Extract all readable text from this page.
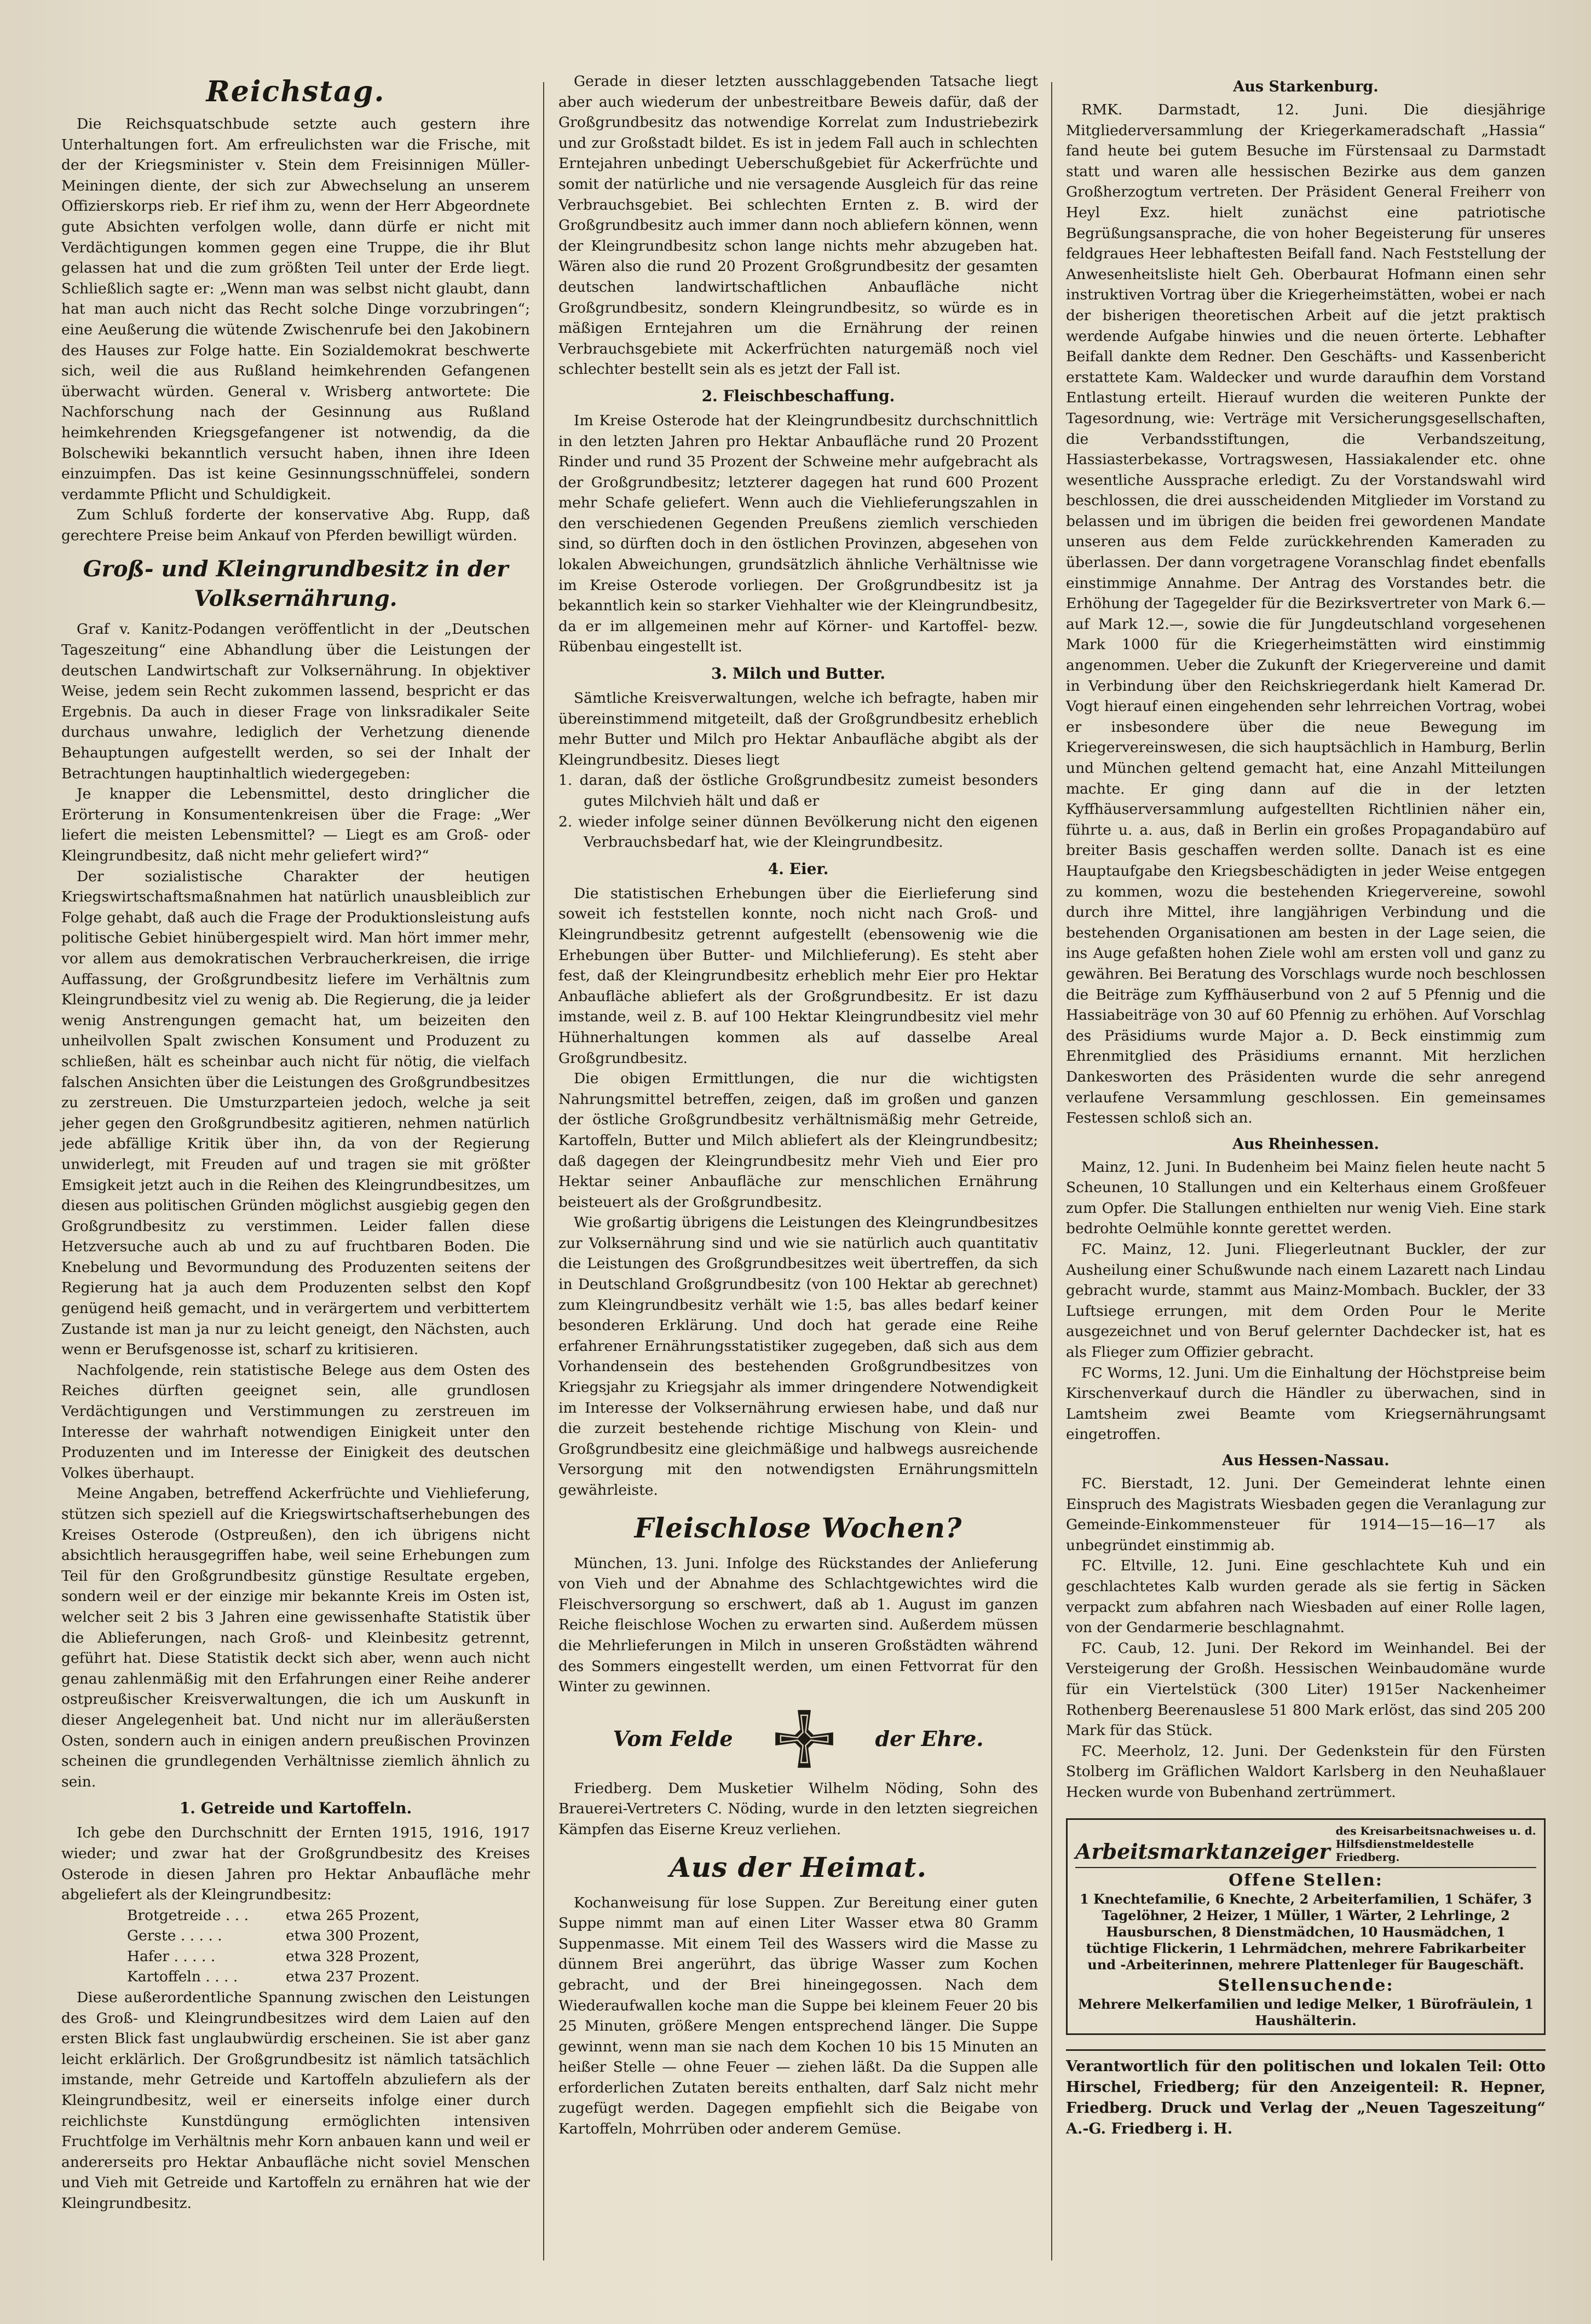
Reichstag.

Die Reichsquatschbude setzte auch gestern ihre Unterhaltungen fort. Am erfreulichsten war die Frische, mit der der Kriegsminister v. Stein dem Freisinnigen Müller-Meiningen diente, der sich zur Abwechselung an unserem Offizierskorps rieb. Er rief ihm zu, wenn der Herr Abgeordnete gute Absichten verfolgen wolle, dann dürfe er nicht mit Verdächtigungen kommen gegen eine Truppe, die ihr Blut gelassen hat und die zum größten Teil unter der Erde liegt. Schließlich sagte er: „Wenn man was selbst nicht glaubt, dann hat man auch nicht das Recht solche Dinge vorzubringen“; eine Aeußerung die wütende Zwischenrufe bei den Jakobinern des Hauses zur Folge hatte. Ein Sozialdemokrat beschwerte sich, weil die aus Rußland heimkehrenden Gefangenen überwacht würden. General v. Wrisberg antwortete: Die Nachforschung nach der Gesinnung aus Rußland heimkehrenden Kriegsgefangener ist notwendig, da die Bolschewiki bekanntlich versucht haben, ihnen ihre Ideen einzuimpfen. Das ist keine Gesinnungsschnüffelei, sondern verdammte Pflicht und Schuldigkeit.

Zum Schluß forderte der konservative Abg. Rupp, daß gerechtere Preise beim Ankauf von Pferden bewilligt würden.

Groß- und Kleingrundbesitz in der
Volksernährung.

Graf v. Kanitz-Podangen veröffentlicht in der „Deutschen Tageszeitung“ eine Abhandlung über die Leistungen der deutschen Landwirtschaft zur Volksernährung. In objektiver Weise, jedem sein Recht zukommen lassend, bespricht er das Ergebnis. Da auch in dieser Frage von linksradikaler Seite durchaus unwahre, lediglich der Verhetzung dienende Behauptungen aufgestellt werden, so sei der Inhalt der Betrachtungen hauptinhaltlich wiedergegeben:

Je knapper die Lebensmittel, desto dringlicher die Erörterung in Konsumentenkreisen über die Frage: „Wer liefert die meisten Lebensmittel? — Liegt es am Groß- oder Kleingrundbesitz, daß nicht mehr geliefert wird?“

Der sozialistische Charakter der heutigen Kriegswirtschaftsmaßnahmen hat natürlich unausbleiblich zur Folge gehabt, daß auch die Frage der Produktionsleistung aufs politische Gebiet hinübergespielt wird. Man hört immer mehr, vor allem aus demokratischen Verbraucherkreisen, die irrige Auffassung, der Großgrundbesitz liefere im Verhältnis zum Kleingrundbesitz viel zu wenig ab. Die Regierung, die ja leider wenig Anstrengungen gemacht hat, um beizeiten den unheilvollen Spalt zwischen Konsument und Produzent zu schließen, hält es scheinbar auch nicht für nötig, die vielfach falschen Ansichten über die Leistungen des Großgrundbesitzes zu zerstreuen. Die Umsturzparteien jedoch, welche ja seit jeher gegen den Großgrundbesitz agitieren, nehmen natürlich jede abfällige Kritik über ihn, da von der Regierung unwiderlegt, mit Freuden auf und tragen sie mit größter Emsigkeit jetzt auch in die Reihen des Kleingrundbesitzes, um diesen aus politischen Gründen möglichst ausgiebig gegen den Großgrundbesitz zu verstimmen. Leider fallen diese Hetzversuche auch ab und zu auf fruchtbaren Boden. Die Knebelung und Bevormundung des Produzenten seitens der Regierung hat ja auch dem Produzenten selbst den Kopf genügend heiß gemacht, und in verärgertem und verbittertem Zustande ist man ja nur zu leicht geneigt, den Nächsten, auch wenn er Berufsgenosse ist, scharf zu kritisieren.

Nachfolgende, rein statistische Belege aus dem Osten des Reiches dürften geeignet sein, alle grundlosen Verdächtigungen und Verstimmungen zu zerstreuen im Interesse der wahrhaft notwendigen Einigkeit unter den Produzenten und im Interesse der Einigkeit des deutschen Volkes überhaupt.

Meine Angaben, betreffend Ackerfrüchte und Viehlieferung, stützen sich speziell auf die Kriegswirtschaftserhebungen des Kreises Osterode (Ostpreußen), den ich übrigens nicht absichtlich herausgegriffen habe, weil seine Erhebungen zum Teil für den Großgrundbesitz günstige Resultate ergeben, sondern weil er der einzige mir bekannte Kreis im Osten ist, welcher seit 2 bis 3 Jahren eine gewissenhafte Statistik über die Ablieferungen, nach Groß- und Kleinbesitz getrennt, geführt hat. Diese Statistik deckt sich aber, wenn auch nicht genau zahlenmäßig mit den Erfahrungen einer Reihe anderer ostpreußischer Kreisverwaltungen, die ich um Auskunft in dieser Angelegenheit bat. Und nicht nur im alleräußersten Osten, sondern auch in einigen andern preußischen Provinzen scheinen die grundlegenden Verhältnisse ziemlich ähnlich zu sein.

1. Getreide und Kartoffeln.

Ich gebe den Durchschnitt der Ernten 1915, 1916, 1917 wieder; und zwar hat der Großgrundbesitz des Kreises Osterode in diesen Jahren pro Hektar Anbaufläche mehr abgeliefert als der Kleingrundbesitz:

Brotgetreide . . .	etwa 265 Prozent,
Gerste . . . . .	etwa 300 Prozent,
Hafer . . . . .	etwa 328 Prozent,
Kartoffeln . . . .	etwa 237 Prozent.

Diese außerordentliche Spannung zwischen den Leistungen des Groß- und Kleingrundbesitzes wird dem Laien auf den ersten Blick fast unglaubwürdig erscheinen. Sie ist aber ganz leicht erklärlich. Der Großgrundbesitz ist nämlich tatsächlich imstande, mehr Getreide und Kartoffeln abzuliefern als der Kleingrundbesitz, weil er einerseits infolge einer durch reichlichste Kunstdüngung ermöglichten intensiven Fruchtfolge im Verhältnis mehr Korn anbauen kann und weil er andererseits pro Hektar Anbaufläche nicht soviel Menschen und Vieh mit Getreide und Kartoffeln zu ernähren hat wie der Kleingrundbesitz.

Gerade in dieser letzten ausschlaggebenden Tatsache liegt aber auch wiederum der unbestreitbare Beweis dafür, daß der Großgrundbesitz das notwendige Korrelat zum Industriebezirk und zur Großstadt bildet. Es ist in jedem Fall auch in schlechten Erntejahren unbedingt Ueberschußgebiet für Ackerfrüchte und somit der natürliche und nie versagende Ausgleich für das reine Verbrauchsgebiet. Bei schlechten Ernten z. B. wird der Großgrundbesitz auch immer dann noch abliefern können, wenn der Kleingrundbesitz schon lange nichts mehr abzugeben hat. Wären also die rund 20 Prozent Großgrundbesitz der gesamten deutschen landwirtschaftlichen Anbaufläche nicht Großgrundbesitz, sondern Kleingrundbesitz, so würde es in mäßigen Erntejahren um die Ernährung der reinen Verbrauchsgebiete mit Ackerfrüchten naturgemäß noch viel schlechter bestellt sein als es jetzt der Fall ist.

2. Fleischbeschaffung.

Im Kreise Osterode hat der Kleingrundbesitz durchschnittlich in den letzten Jahren pro Hektar Anbaufläche rund 20 Prozent Rinder und rund 35 Prozent der Schweine mehr aufgebracht als der Großgrundbesitz; letzterer dagegen hat rund 600 Prozent mehr Schafe geliefert. Wenn auch die Viehlieferungszahlen in den verschiedenen Gegenden Preußens ziemlich verschieden sind, so dürften doch in den östlichen Provinzen, abgesehen von lokalen Abweichungen, grundsätzlich ähnliche Verhältnisse wie im Kreise Osterode vorliegen. Der Großgrundbesitz ist ja bekanntlich kein so starker Viehhalter wie der Kleingrundbesitz, da er im allgemeinen mehr auf Körner- und Kartoffel- bezw. Rübenbau eingestellt ist.

3. Milch und Butter.

Sämtliche Kreisverwaltungen, welche ich befragte, haben mir übereinstimmend mitgeteilt, daß der Großgrundbesitz erheblich mehr Butter und Milch pro Hektar Anbaufläche abgibt als der Kleingrundbesitz. Dieses liegt

1. daran, daß der östliche Großgrundbesitz zumeist besonders gutes Milchvieh hält und daß er
2. wieder infolge seiner dünnen Bevölkerung nicht den eigenen Verbrauchsbedarf hat, wie der Kleingrundbesitz.
4. Eier.

Die statistischen Erhebungen über die Eierlieferung sind soweit ich feststellen konnte, noch nicht nach Groß- und Kleingrundbesitz getrennt aufgestellt (ebensowenig wie die Erhebungen über Butter- und Milchlieferung). Es steht aber fest, daß der Kleingrundbesitz erheblich mehr Eier pro Hektar Anbaufläche abliefert als der Großgrundbesitz. Er ist dazu imstande, weil z. B. auf 100 Hektar Kleingrundbesitz viel mehr Hühnerhaltungen kommen als auf dasselbe Areal Großgrundbesitz.

Die obigen Ermittlungen, die nur die wichtigsten Nahrungsmittel betreffen, zeigen, daß im großen und ganzen der östliche Großgrundbesitz verhältnismäßig mehr Getreide, Kartoffeln, Butter und Milch abliefert als der Kleingrundbesitz; daß dagegen der Kleingrundbesitz mehr Vieh und Eier pro Hektar seiner Anbaufläche zur menschlichen Ernährung beisteuert als der Großgrundbesitz.

Wie großartig übrigens die Leistungen des Kleingrundbesitzes zur Volksernährung sind und wie sie natürlich auch quantitativ die Leistungen des Großgrundbesitzes weit übertreffen, da sich in Deutschland Großgrundbesitz (von 100 Hektar ab gerechnet) zum Kleingrundbesitz verhält wie 1:5, bas alles bedarf keiner besonderen Erklärung. Und doch hat gerade eine Reihe erfahrener Ernährungsstatistiker zugegeben, daß sich aus dem Vorhandensein des bestehenden Großgrundbesitzes von Kriegsjahr zu Kriegsjahr als immer dringendere Notwendigkeit im Interesse der Volksernährung erwiesen habe, und daß nur die zurzeit bestehende richtige Mischung von Klein- und Großgrundbesitz eine gleichmäßige und halbwegs ausreichende Versorgung mit den notwendigsten Ernährungsmitteln gewährleiste.

Fleischlose Wochen?

München, 13. Juni. Infolge des Rückstandes der Anlieferung von Vieh und der Abnahme des Schlachtgewichtes wird die Fleischversorgung so erschwert, daß ab 1. August im ganzen Reiche fleischlose Wochen zu erwarten sind. Außerdem müssen die Mehrlieferungen in Milch in unseren Großstädten während des Sommers eingestellt werden, um einen Fettvorrat für den Winter zu gewinnen.

Vom Felde	der Ehre.

Friedberg. Dem Musketier Wilhelm Nöding, Sohn des Brauerei-Vertreters C. Nöding, wurde in den letzten siegreichen Kämpfen das Eiserne Kreuz verliehen.

Aus der Heimat.

Kochanweisung für lose Suppen. Zur Bereitung einer guten Suppe nimmt man auf einen Liter Wasser etwa 80 Gramm Suppenmasse. Mit einem Teil des Wassers wird die Masse zu dünnem Brei angerührt, das übrige Wasser zum Kochen gebracht, und der Brei hineingegossen. Nach dem Wiederaufwallen koche man die Suppe bei kleinem Feuer 20 bis 25 Minuten, größere Mengen entsprechend länger. Die Suppe gewinnt, wenn man sie nach dem Kochen 10 bis 15 Minuten an heißer Stelle — ohne Feuer — ziehen läßt. Da die Suppen alle erforderlichen Zutaten bereits enthalten, darf Salz nicht mehr zugefügt werden. Dagegen empfiehlt sich die Beigabe von Kartoffeln, Mohrrüben oder anderem Gemüse.

Aus Starkenburg.

RMK. Darmstadt, 12. Juni. Die diesjährige Mitgliederversammlung der Kriegerkameradschaft „Hassia“ fand heute bei gutem Besuche im Fürstensaal zu Darmstadt statt und waren alle hessischen Bezirke aus dem ganzen Großherzogtum vertreten. Der Präsident General Freiherr von Heyl Exz. hielt zunächst eine patriotische Begrüßungsansprache, die von hoher Begeisterung für unseres feldgraues Heer lebhaftesten Beifall fand. Nach Feststellung der Anwesenheitsliste hielt Geh. Oberbaurat Hofmann einen sehr instruktiven Vortrag über die Kriegerheimstätten, wobei er nach der bisherigen theoretischen Arbeit auf die jetzt praktisch werdende Aufgabe hinwies und die neuen örterte. Lebhafter Beifall dankte dem Redner. Den Geschäfts- und Kassenbericht erstattete Kam. Waldecker und wurde daraufhin dem Vorstand Entlastung erteilt. Hierauf wurden die weiteren Punkte der Tagesordnung, wie: Verträge mit Versicherungsgesellschaften, die Verbandsstiftungen, die Verbandszeitung, Hassiasterbekasse, Vortragswesen, Hassiakalender etc. ohne wesentliche Aussprache erledigt. Zu der Vorstandswahl wird beschlossen, die drei ausscheidenden Mitglieder im Vorstand zu belassen und im übrigen die beiden frei gewordenen Mandate unseren aus dem Felde zurückkehrenden Kameraden zu überlassen. Der dann vorgetragene Voranschlag findet ebenfalls einstimmige Annahme. Der Antrag des Vorstandes betr. die Erhöhung der Tagegelder für die Bezirksvertreter von Mark 6.— auf Mark 12.—, sowie die für Jungdeutschland vorgesehenen Mark 1000 für die Kriegerheimstätten wird einstimmig angenommen. Ueber die Zukunft der Kriegervereine und damit in Verbindung über den Reichskriegerdank hielt Kamerad Dr. Vogt hierauf einen eingehenden sehr lehrreichen Vortrag, wobei er insbesondere über die neue Bewegung im Kriegervereinswesen, die sich hauptsächlich in Hamburg, Berlin und München geltend gemacht hat, eine Anzahl Mitteilungen machte. Er ging dann auf die in der letzten Kyffhäuserversammlung aufgestellten Richtlinien näher ein, führte u. a. aus, daß in Berlin ein großes Propagandabüro auf breiter Basis geschaffen werden sollte. Danach ist es eine Hauptaufgabe den Kriegsbeschädigten in jeder Weise entgegen zu kommen, wozu die bestehenden Kriegervereine, sowohl durch ihre Mittel, ihre langjährigen Verbindung und die bestehenden Organisationen am besten in der Lage seien, die ins Auge gefaßten hohen Ziele wohl am ersten voll und ganz zu gewähren. Bei Beratung des Vorschlags wurde noch beschlossen die Beiträge zum Kyffhäuserbund von 2 auf 5 Pfennig und die Hassiabeiträge von 30 auf 60 Pfennig zu erhöhen. Auf Vorschlag des Präsidiums wurde Major a. D. Beck einstimmig zum Ehrenmitglied des Präsidiums ernannt. Mit herzlichen Dankesworten des Präsidenten wurde die sehr anregend verlaufene Versammlung geschlossen. Ein gemeinsames Festessen schloß sich an.

Aus Rheinhessen.

Mainz, 12. Juni. In Budenheim bei Mainz fielen heute nacht 5 Scheunen, 10 Stallungen und ein Kelterhaus einem Großfeuer zum Opfer. Die Stallungen enthielten nur wenig Vieh. Eine stark bedrohte Oelmühle konnte gerettet werden.

FC. Mainz, 12. Juni. Fliegerleutnant Buckler, der zur Ausheilung einer Schußwunde nach einem Lazarett nach Lindau gebracht wurde, stammt aus Mainz-Mombach. Buckler, der 33 Luftsiege errungen, mit dem Orden Pour le Merite ausgezeichnet und von Beruf gelernter Dachdecker ist, hat es als Flieger zum Offizier gebracht.

FC Worms, 12. Juni. Um die Einhaltung der Höchstpreise beim Kirschenverkauf durch die Händler zu überwachen, sind in Lamtsheim zwei Beamte vom Kriegsernährungsamt eingetroffen.

Aus Hessen-Nassau.

FC. Bierstadt, 12. Juni. Der Gemeinderat lehnte einen Einspruch des Magistrats Wiesbaden gegen die Veranlagung zur Gemeinde-Einkommensteuer für 1914—15—16—17 als unbegründet einstimmig ab.

FC. Eltville, 12. Juni. Eine geschlachtete Kuh und ein geschlachtetes Kalb wurden gerade als sie fertig in Säcken verpackt zum abfahren nach Wiesbaden auf einer Rolle lagen, von der Gendarmerie beschlagnahmt.

FC. Caub, 12. Juni. Der Rekord im Weinhandel. Bei der Versteigerung der Großh. Hessischen Weinbaudomäne wurde für ein Viertelstück (300 Liter) 1915er Nackenheimer Rothenberg Beerenauslese 51 800 Mark erlöst, das sind 205 200 Mark für das Stück.

FC. Meerholz, 12. Juni. Der Gedenkstein für den Fürsten Stolberg im Gräflichen Waldort Karlsberg in den Neuhaßlauer Hecken wurde von Bubenhand zertrümmert.

Arbeitsmarktanzeiger
des Kreisarbeitsnachweises u. d. Hilfsdienstmeldestelle Friedberg.
Offene Stellen:
1 Knechtefamilie, 6 Knechte, 2 Arbeiterfamilien, 1 Schäfer, 3 Tagelöhner, 2 Heizer, 1 Müller, 1 Wärter, 2 Lehrlinge, 2 Hausburschen, 8 Dienstmädchen, 10 Hausmädchen, 1 tüchtige Flickerin, 1 Lehrmädchen, mehrere Fabrikarbeiter und -Arbeiterinnen, mehrere Plattenleger für Baugeschäft.
Stellensuchende:
Mehrere Melkerfamilien und ledige Melker, 1 Bürofräulein, 1 Haushälterin.
Verantwortlich für den politischen und lokalen Teil: Otto Hirschel, Friedberg; für den Anzeigenteil: R. Hepner, Friedberg. Druck und Verlag der „Neuen Tageszeitung“ A.-G. Friedberg i. H.
